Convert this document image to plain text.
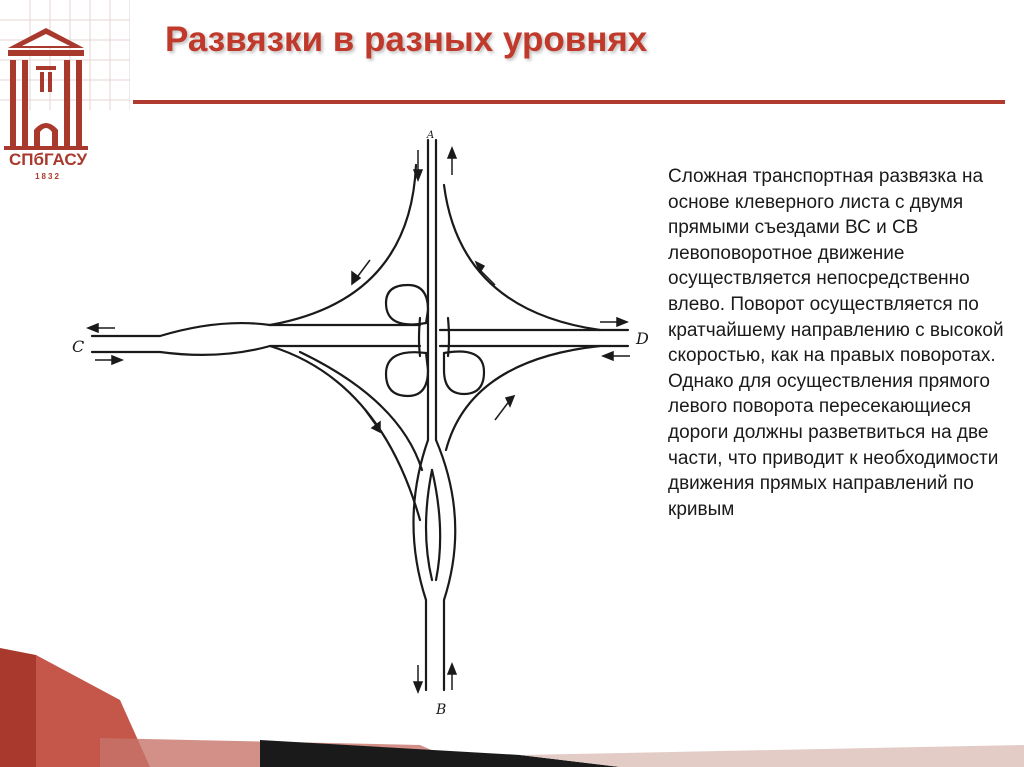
СПбГАСУ
1832
Развязки в разных уровнях
C	D
B
A
Сложная транспортная развязка на основе клеверного листа с двумя прямыми съездами ВС и СВ левоповоротное движение осуществляется непосредственно влево. Поворот осуществляется по кратчайшему направлению с высокой скоростью, как на правых поворотах. Однако для осуществления прямого левого поворота пересекающиеся дороги должны разветвиться на две части, что приводит к необходимости движения прямых направлений по кривым
